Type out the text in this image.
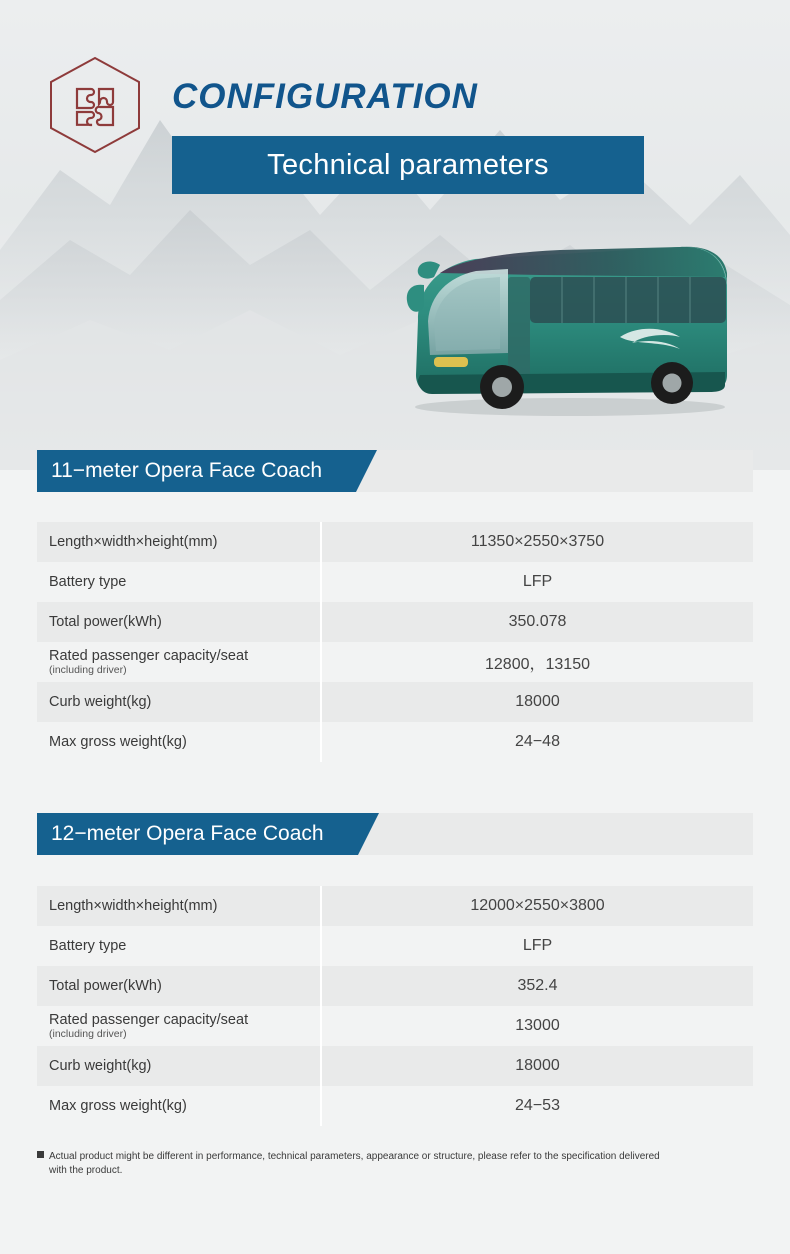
CONFIGURATION
Technical parameters
11−meter Opera Face Coach
Length×width×height(mm)	11350×2550×3750
Battery type	LFP
Total power(kWh)	350.078
Rated passenger capacity/seat
(including driver)	12800，13150
Curb weight(kg)	18000
Max gross weight(kg)	24−48
12−meter Opera Face Coach
Length×width×height(mm)	12000×2550×3800
Battery type	LFP
Total power(kWh)	352.4
Rated passenger capacity/seat
(including driver)	13000
Curb weight(kg)	18000
Max gross weight(kg)	24−53
Actual product might be different in performance, technical parameters, appearance or structure, please refer to the specification delivered
with the product.
